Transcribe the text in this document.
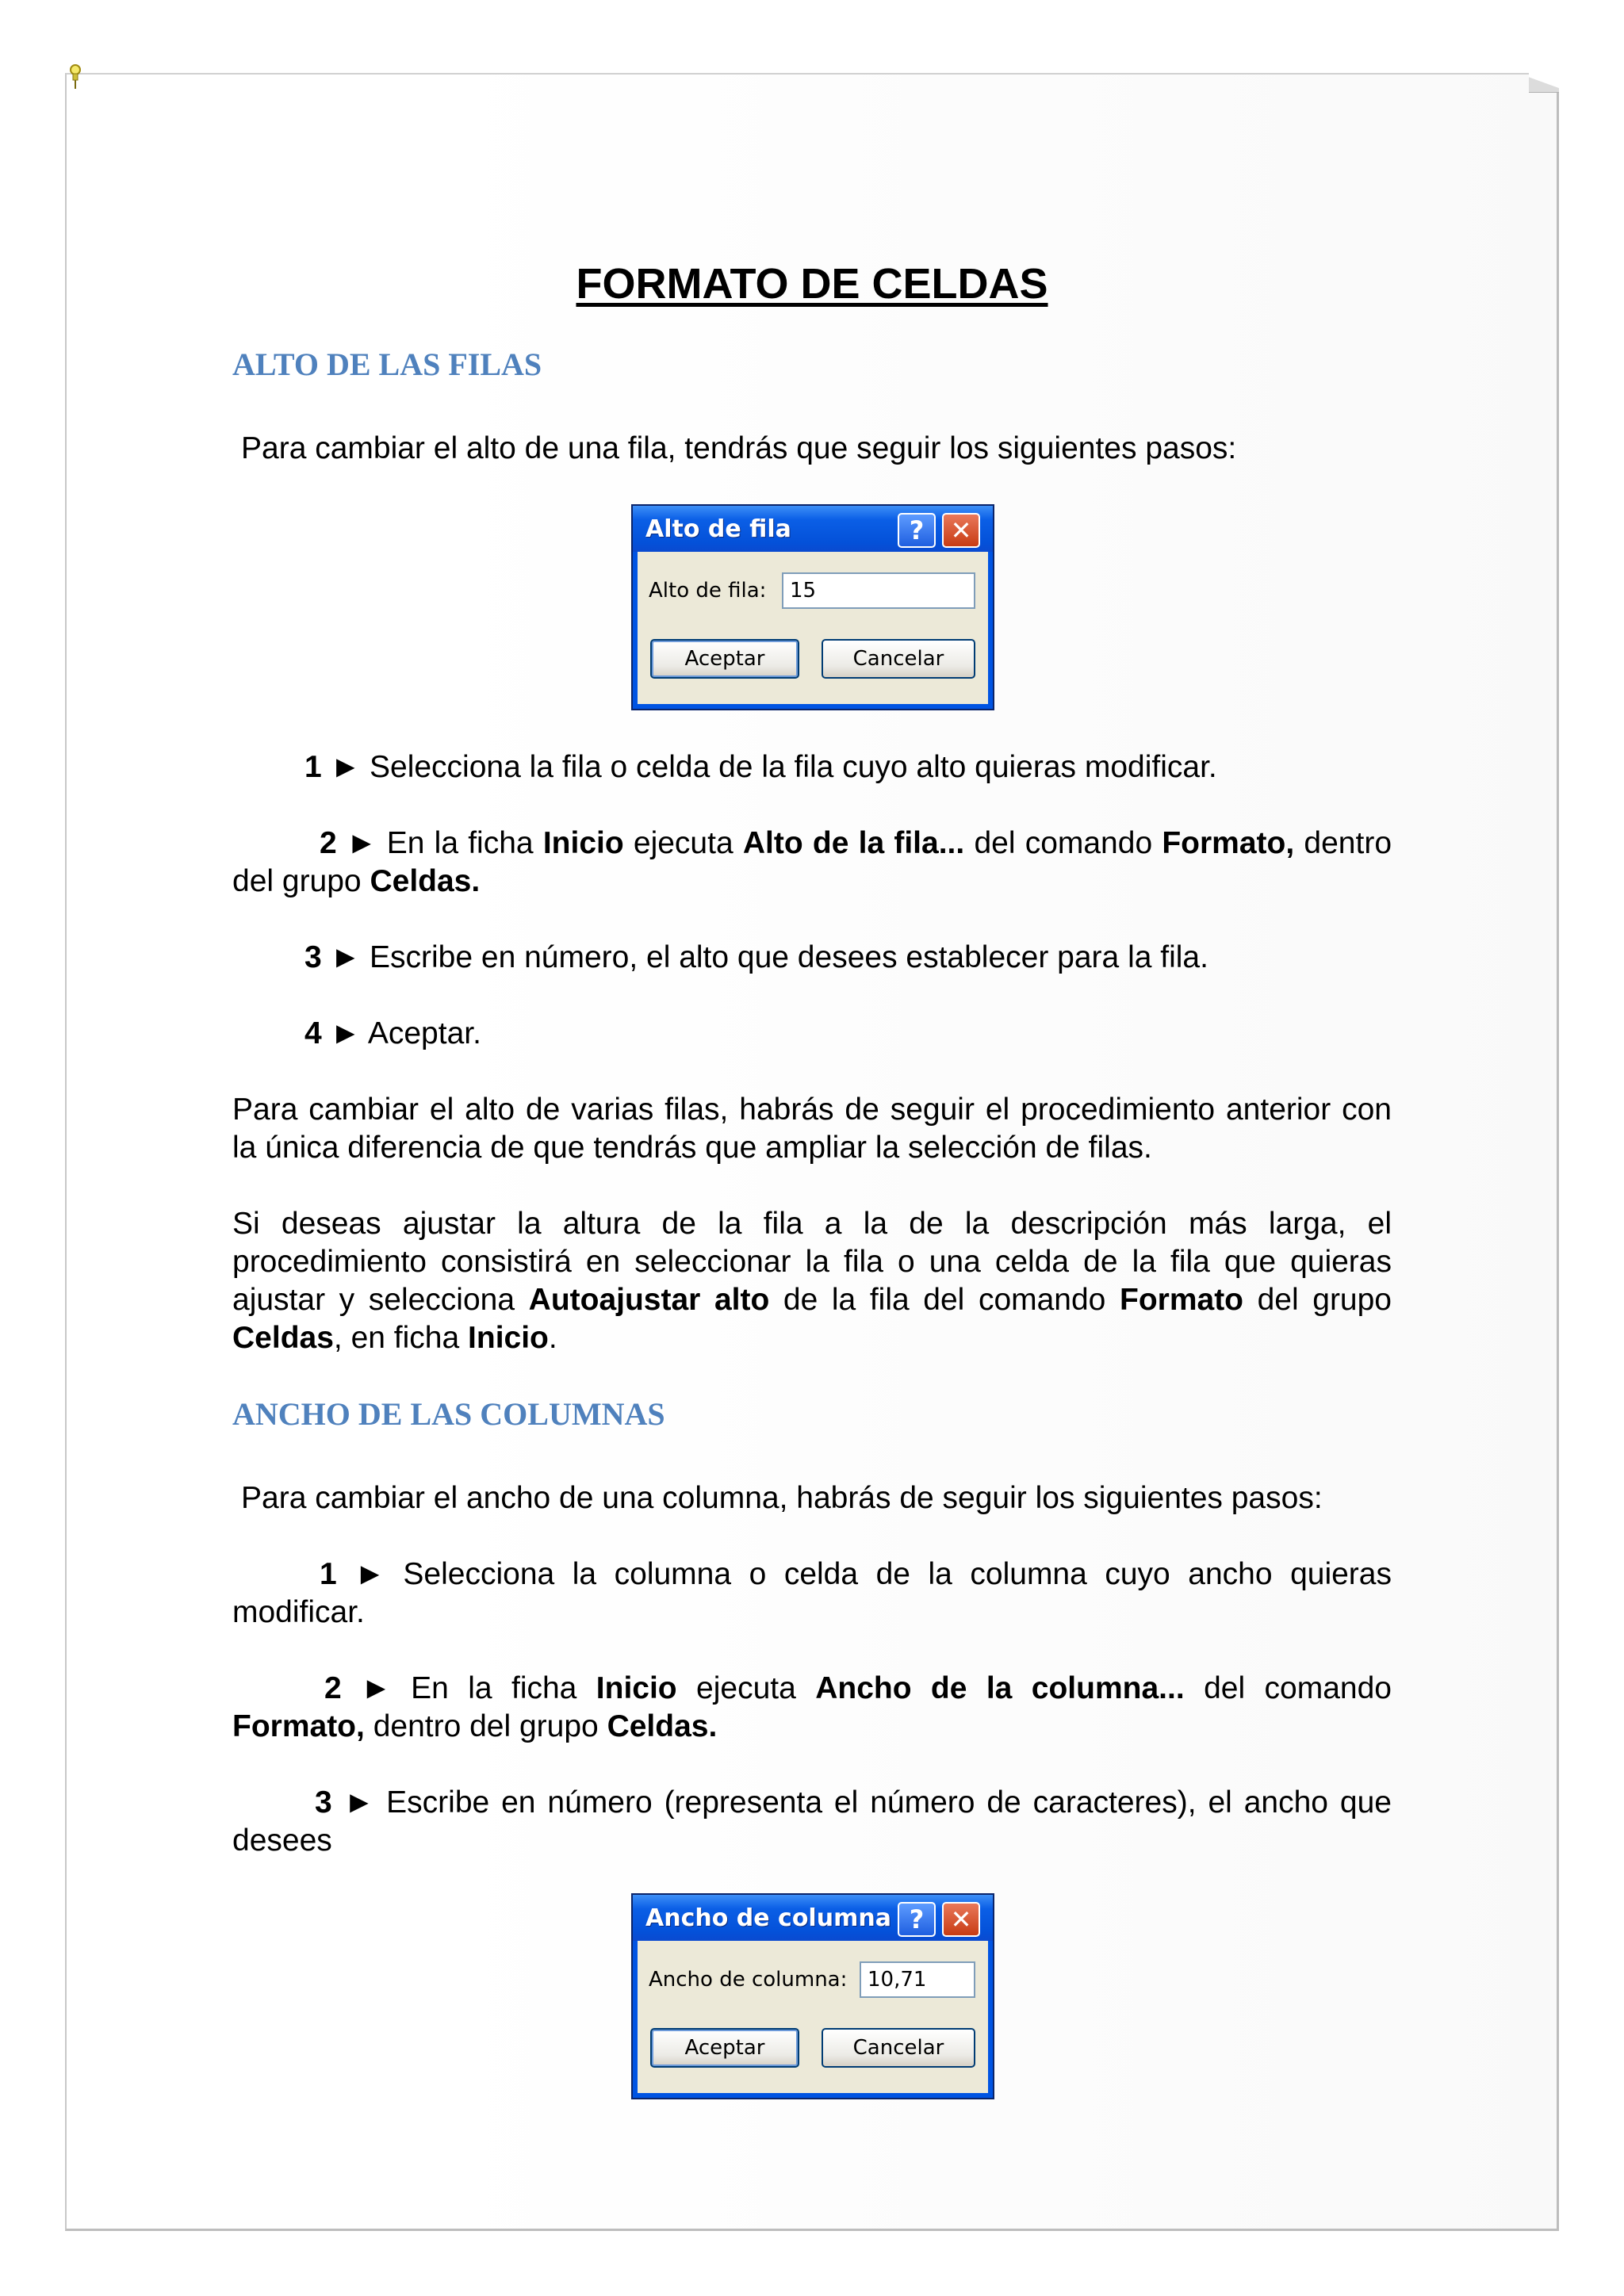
FORMATO DE CELDAS
ALTO DE LAS FILAS
Para cambiar el alto de una fila, tendrás que seguir los siguientes pasos:
Alto de fila	?	✕
Alto de fila:	15
Aceptar	Cancelar
1 ► Selecciona la fila o celda de la fila cuyo alto quieras modificar.
2 ► En la ficha Inicio ejecuta Alto de la fila... del comando Formato, dentro del grupo Celdas.
3 ► Escribe en número, el alto que desees establecer para la fila.
4 ► Aceptar.
Para cambiar el alto de varias filas, habrás de seguir el procedimiento anterior con la única diferencia de que tendrás que ampliar la selección de filas.
Si deseas ajustar la altura de la fila a la de la descripción más larga, el procedimiento consistirá en seleccionar la fila o una celda de la fila que quieras ajustar y selecciona Autoajustar alto de la fila del comando Formato del grupo Celdas, en ficha Inicio.
ANCHO DE LAS COLUMNAS
Para cambiar el ancho de una columna, habrás de seguir los siguientes pasos:
1 ► Selecciona la columna o celda de la columna cuyo ancho quieras modificar.
2 ► En la ficha Inicio ejecuta Ancho de la columna... del comando Formato, dentro del grupo Celdas.
3 ► Escribe en número (representa el número de caracteres), el ancho que desees
Ancho de columna ?	✕
Ancho de columna: 10,71
Aceptar	Cancelar
